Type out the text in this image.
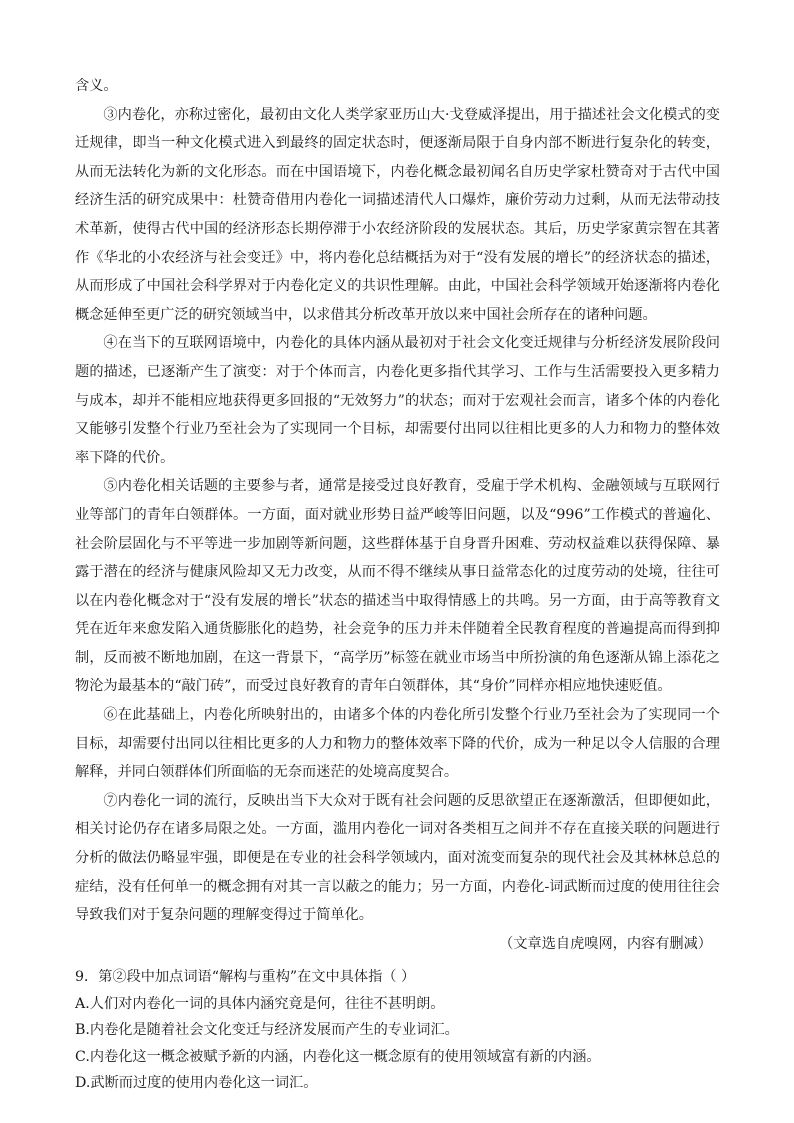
含义。

③内卷化，亦称过密化，最初由文化人类学家亚历山大·戈登威泽提出，用于描述社会文化模式的变迁规律，即当一种文化模式进入到最终的固定状态时，便逐渐局限于自身内部不断进行复杂化的转变，从而无法转化为新的文化形态。而在中国语境下，内卷化概念最初闻名自历史学家杜赞奇对于古代中国经济生活的研究成果中：杜赞奇借用内卷化一词描述清代人口爆炸，廉价劳动力过剩，从而无法带动技术革新，使得古代中国的经济形态长期停滞于小农经济阶段的发展状态。其后，历史学家黄宗智在其著作《华北的小农经济与社会变迁》中，将内卷化总结概括为对于“没有发展的增长”的经济状态的描述，从而形成了中国社会科学界对于内卷化定义的共识性理解。由此，中国社会科学领域开始逐渐将内卷化概念延伸至更广泛的研究领域当中，以求借其分析改革开放以来中国社会所存在的诸种问题。

④在当下的互联网语境中，内卷化的具体内涵从最初对于社会文化变迁规律与分析经济发展阶段问题的描述，已逐渐产生了演变：对于个体而言，内卷化更多指代其学习、工作与生活需要投入更多精力与成本，却并不能相应地获得更多回报的“无效努力”的状态；而对于宏观社会而言，诸多个体的内卷化又能够引发整个行业乃至社会为了实现同一个目标，却需要付出同以往相比更多的人力和物力的整体效率下降的代价。

⑤内卷化相关话题的主要参与者，通常是接受过良好教育，受雇于学术机构、金融领域与互联网行业等部门的青年白领群体。一方面，面对就业形势日益严峻等旧问题，以及“996”工作模式的普遍化、社会阶层固化与不平等进一步加剧等新问题，这些群体基于自身晋升困难、劳动权益难以获得保障、暴露于潜在的经济与健康风险却又无力改变，从而不得不继续从事日益常态化的过度劳动的处境，往往可以在内卷化概念对于“没有发展的增长”状态的描述当中取得情感上的共鸣。另一方面，由于高等教育文凭在近年来愈发陷入通货膨胀化的趋势，社会竞争的压力并未伴随着全民教育程度的普遍提高而得到抑制，反而被不断地加剧，在这一背景下，“高学历”标签在就业市场当中所扮演的角色逐渐从锦上添花之物沦为最基本的“敲门砖”，而受过良好教育的青年白领群体，其“身价”同样亦相应地快速贬值。

⑥在此基础上，内卷化所映射出的，由诸多个体的内卷化所引发整个行业乃至社会为了实现同一个目标，却需要付出同以往相比更多的人力和物力的整体效率下降的代价，成为一种足以令人信服的合理解释，并同白领群体们所面临的无奈而迷茫的处境高度契合。

⑦内卷化一词的流行，反映出当下大众对于既有社会问题的反思欲望正在逐渐激活，但即便如此，相关讨论仍存在诸多局限之处。一方面，滥用内卷化一词对各类相互之间并不存在直接关联的问题进行分析的做法仍略显牢强，即便是在专业的社会科学领域内，面对流变而复杂的现代社会及其林林总总的症结，没有任何单一的概念拥有对其一言以蔽之的能力；另一方面，内卷化-词武断而过度的使用往往会导致我们对于复杂问题的理解变得过于简单化。

（文章选自虎嗅网，内容有删减）

9．第②段中加点词语“解构与重构”在文中具体指（ ）

A.人们对内卷化一词的具体内涵究竟是何，往往不甚明朗。

B.内卷化是随着社会文化变迁与经济发展而产生的专业词汇。

C.内卷化这一概念被赋予新的内涵，内卷化这一概念原有的使用领域富有新的内涵。

D.武断而过度的使用内卷化这一词汇。
